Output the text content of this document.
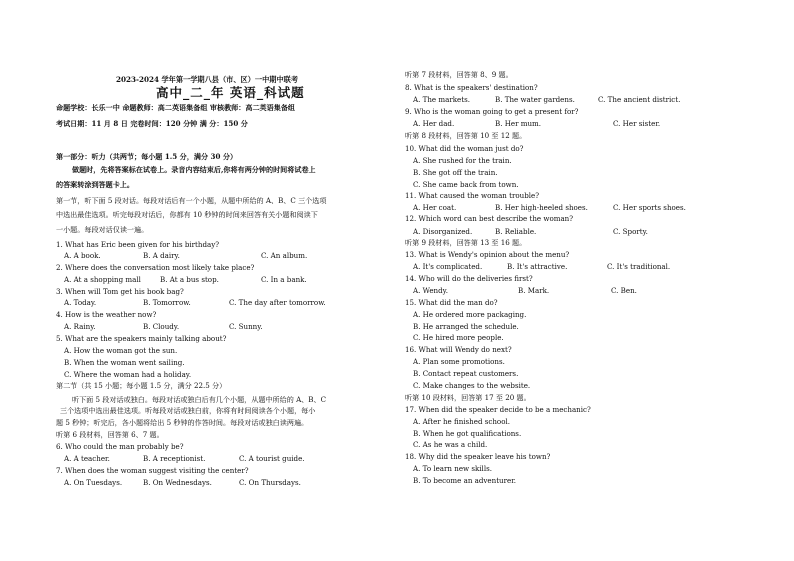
2023-2024 学年第一学期八县（市、区）一中期中联考
高中_二_年 英语_科试题
命题学校：长乐一中 命题教师：高二英语集备组 审核教师：高二英语集备组
考试日期：11 月 8 日 完卷时间：120 分钟 满 分：150 分
第一部分：听力（共两节；每小题 1.5 分，满分 30 分）
做题时，先将答案标在试卷上。录音内容结束后,你将有两分钟的时间将试卷上
的答案转涂到答题卡上。
第一节，听下面 5 段对话。每段对话后有一个小题，从题中所给的 A、B、C 三个选项
中选出最佳选项。听完每段对话后，你都有 10 秒钟的时间来回答有关小题和阅读下
一小题。每段对话仅读一遍。
1. What has Eric been given for his birthday?
A. A book.	B. A dairy.	C. An album.
2. Where does the conversation most likely take place?
A. At a shopping mall	B. At a bus stop.	C. In a bank.
3. When will Tom get his book bag?
A. Today.	B. Tomorrow.	C. The day after tomorrow.
4. How is the weather now?
A. Rainy.	B. Cloudy.	C. Sunny.
5. What are the speakers mainly talking about?
A. How the woman got the sun.
B. When the woman went sailing.
C. Where the woman had a holiday.
第二节（共 15 小题；每小题 1.5 分，满分 22.5 分）
听下面 5 段对话或独白。每段对话或独白后有几个小题，从题中所给的 A、B、C
三个选项中选出最佳选项。听每段对话或独白前，你将有时间阅读各个小题，每小
题 5 秒钟；听完后，各小题将给出 5 秒钟的作答时间。每段对话或独白读两遍。
听第 6 段材料，回答第 6、7 题。
6. Who could the man probably be?
A. A teacher.	B. A receptionist.	C. A tourist guide.
7. When does the woman suggest visiting the center?
A. On Tuesdays.	B. On Wednesdays.	C. On Thursdays.
听第 7 段材料，回答第 8、9 题。
8. What is the speakers' destination?
A. The markets.	B. The water gardens.	C. The ancient district.
9. Who is the woman going to get a present for?
A. Her dad.	B. Her mum.	C. Her sister.
听第 8 段材料，回答第 10 至 12 题。
10. What did the woman just do?
A. She rushed for the train.
B. She got off the train.
C. She came back from town.
11. What caused the woman trouble?
A. Her coat.	B. Her high-heeled shoes.	C. Her sports shoes.
12. Which word can best describe the woman?
A. Disorganized.	B. Reliable.	C. Sporty.
听第 9 段材料，回答第 13 至 16 题。
13. What is Wendy's opinion about the menu?
A. It's complicated.	B. It's attractive.	C. It's traditional.
14. Who will do the deliveries first?
A. Wendy.	B. Mark.	C. Ben.
15. What did the man do?
A. He ordered more packaging.
B. He arranged the schedule.
C. He hired more people.
16. What will Wendy do next?
A. Plan some promotions.
B. Contact repeat customers.
C. Make changes to the website.
听第 10 段材料，回答第 17 至 20 题。
17. When did the speaker decide to be a mechanic?
A. After he finished school.
B. When he got qualifications.
C. As he was a child.
18. Why did the speaker leave his town?
A. To learn new skills.
B. To become an adventurer.
